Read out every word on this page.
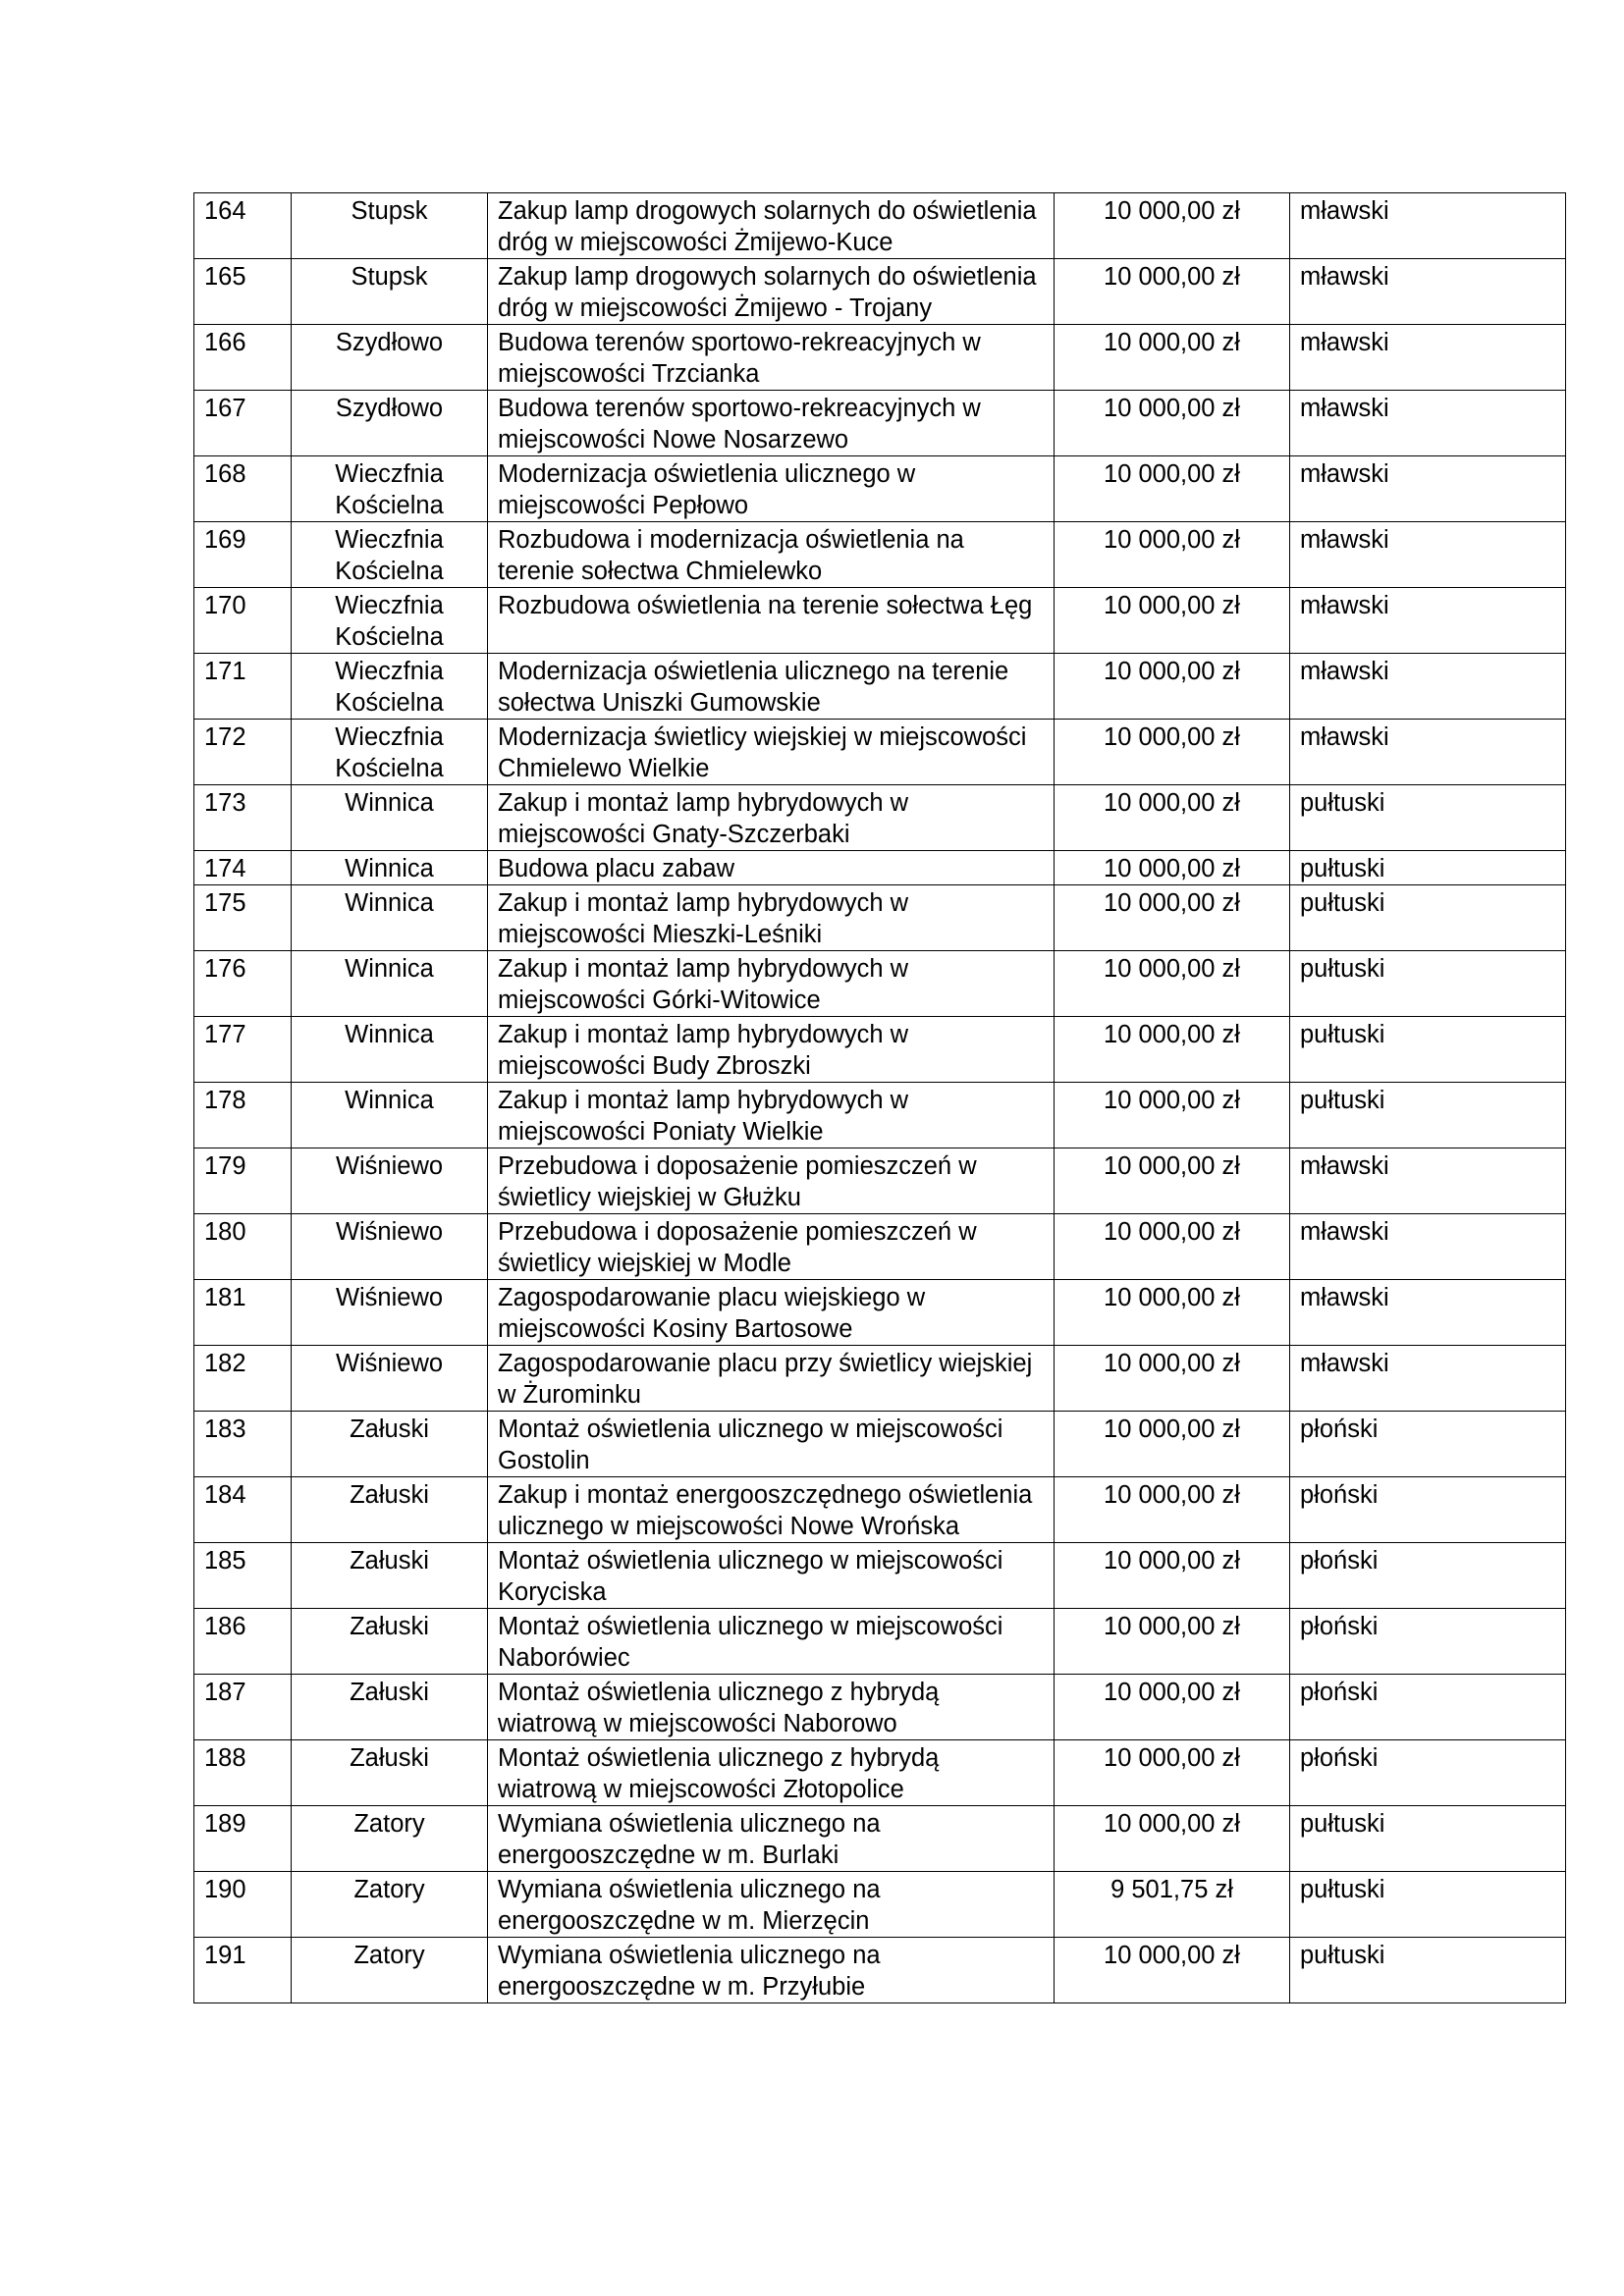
164	Stupsk	Zakup lamp drogowych solarnych do oświetlenia dróg w miejscowości Żmijewo-Kuce	10 000,00 zł	mławski
165	Stupsk	Zakup lamp drogowych solarnych do oświetlenia dróg w miejscowości Żmijewo - Trojany	10 000,00 zł	mławski
166	Szydłowo	Budowa terenów sportowo-rekreacyjnych w miejscowości Trzcianka	10 000,00 zł	mławski
167	Szydłowo	Budowa terenów sportowo-rekreacyjnych w miejscowości Nowe Nosarzewo	10 000,00 zł	mławski
168	Wieczfnia Kościelna	Modernizacja oświetlenia ulicznego w miejscowości Pepłowo	10 000,00 zł	mławski
169	Wieczfnia Kościelna	Rozbudowa i modernizacja oświetlenia na terenie sołectwa Chmielewko	10 000,00 zł	mławski
170	Wieczfnia Kościelna	Rozbudowa oświetlenia na terenie sołectwa Łęg	10 000,00 zł	mławski
171	Wieczfnia Kościelna	Modernizacja oświetlenia ulicznego na terenie sołectwa Uniszki Gumowskie	10 000,00 zł	mławski
172	Wieczfnia Kościelna	Modernizacja świetlicy wiejskiej w miejscowości Chmielewo Wielkie	10 000,00 zł	mławski
173	Winnica	Zakup i montaż lamp hybrydowych w miejscowości Gnaty-Szczerbaki	10 000,00 zł	pułtuski
174	Winnica	Budowa placu zabaw	10 000,00 zł	pułtuski
175	Winnica	Zakup i montaż lamp hybrydowych w miejscowości Mieszki-Leśniki	10 000,00 zł	pułtuski
176	Winnica	Zakup i montaż lamp hybrydowych w miejscowości Górki-Witowice	10 000,00 zł	pułtuski
177	Winnica	Zakup i montaż lamp hybrydowych w miejscowości Budy Zbroszki	10 000,00 zł	pułtuski
178	Winnica	Zakup i montaż lamp hybrydowych w miejscowości Poniaty Wielkie	10 000,00 zł	pułtuski
179	Wiśniewo	Przebudowa i doposażenie pomieszczeń w świetlicy wiejskiej w Głużku	10 000,00 zł	mławski
180	Wiśniewo	Przebudowa i doposażenie pomieszczeń w świetlicy wiejskiej w Modle	10 000,00 zł	mławski
181	Wiśniewo	Zagospodarowanie placu wiejskiego w miejscowości Kosiny Bartosowe	10 000,00 zł	mławski
182	Wiśniewo	Zagospodarowanie placu przy świetlicy wiejskiej w Żurominku	10 000,00 zł	mławski
183	Załuski	Montaż oświetlenia ulicznego w miejscowości Gostolin	10 000,00 zł	płoński
184	Załuski	Zakup i montaż energooszczędnego oświetlenia ulicznego w miejscowości Nowe Wrońska	10 000,00 zł	płoński
185	Załuski	Montaż oświetlenia ulicznego w miejscowości Koryciska	10 000,00 zł	płoński
186	Załuski	Montaż oświetlenia ulicznego w miejscowości Naborówiec	10 000,00 zł	płoński
187	Załuski	Montaż oświetlenia ulicznego z hybrydą wiatrową w miejscowości Naborowo	10 000,00 zł	płoński
188	Załuski	Montaż oświetlenia ulicznego z hybrydą wiatrową w miejscowości Złotopolice	10 000,00 zł	płoński
189	Zatory	Wymiana oświetlenia ulicznego na energooszczędne w m. Burlaki	10 000,00 zł	pułtuski
190	Zatory	Wymiana oświetlenia ulicznego na energooszczędne w m. Mierzęcin	9 501,75 zł	pułtuski
191	Zatory	Wymiana oświetlenia ulicznego na energooszczędne w m. Przyłubie	10 000,00 zł	pułtuski
